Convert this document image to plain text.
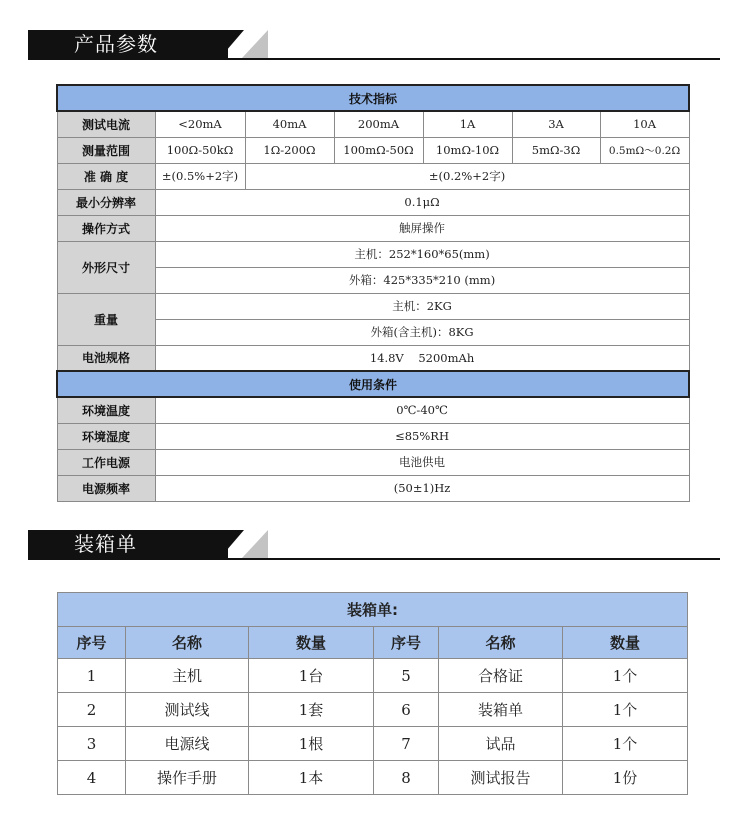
产品参数
技术指标						
测试电流	<20mA	40mA	200mA	1A	3A	10A
测量范围	100Ω-50kΩ	1Ω-200Ω	100mΩ-50Ω	10mΩ-10Ω	5mΩ-3Ω	0.5mΩ～0.2Ω
准 确 度	±(0.5%+2字)	±(0.2%+2字)				
最小分辨率	0.1μΩ					
操作方式	触屏操作					
外形尺寸	主机：252*160*65(mm)					
	外箱：425*335*210 (mm)					
重量	主机：2KG					
	外箱(含主机)：8KG					
电池规格	14.8V    5200mAh					
使用条件						
环境温度	0℃-40℃					
环境湿度	≤85%RH					
工作电源	电池供电					
电源频率	(50±1)Hz					
装箱单
装箱单:					
序号	名称	数量	序号	名称	数量
1	主机	1台	5	合格证	1个
2	测试线	1套	6	装箱单	1个
3	电源线	1根	7	试品	1个
4	操作手册	1本	8	测试报告	1份
